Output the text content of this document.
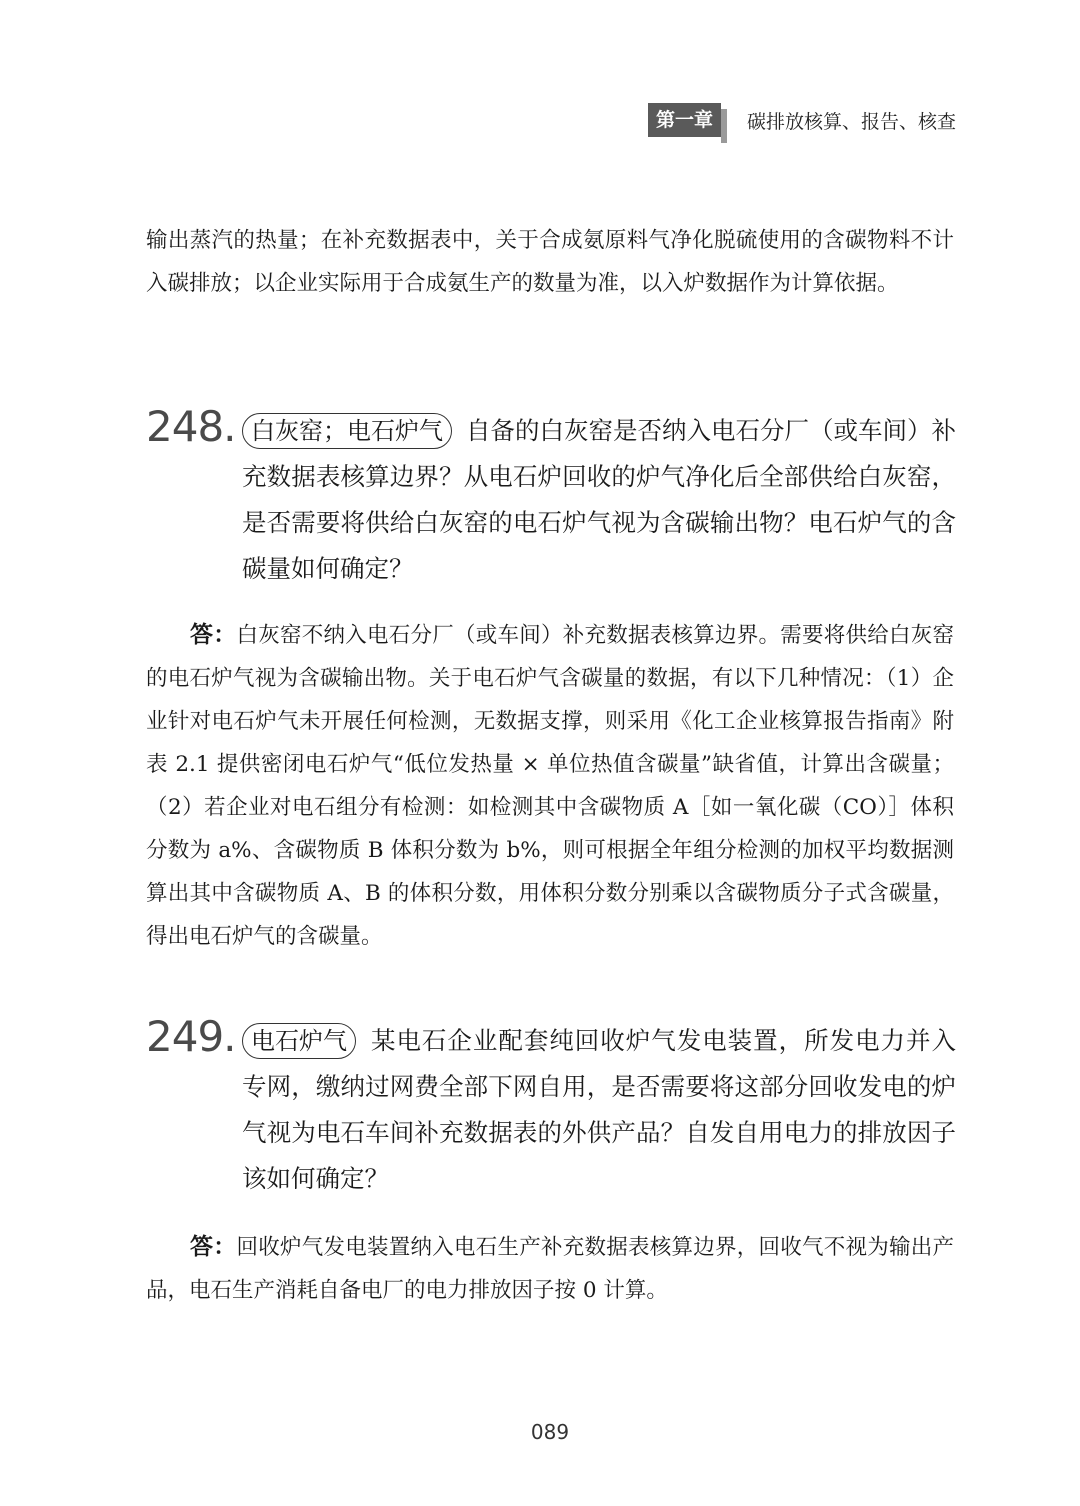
第一章	碳排放核算、报告、核查

输出蒸汽的热量；在补充数据表中，关于合成氨原料气净化脱硫使用的含碳物料不计入碳排放；以企业实际用于合成氨生产的数量为准，以入炉数据作为计算依据。

248. 白灰窑；电石炉气 自备的白灰窑是否纳入电石分厂（或车间）补充数据表核算边界？从电石炉回收的炉气净化后全部供给白灰窑，是否需要将供给白灰窑的电石炉气视为含碳输出物？电石炉气的含碳量如何确定？

答：白灰窑不纳入电石分厂（或车间）补充数据表核算边界。需要将供给白灰窑的电石炉气视为含碳输出物。关于电石炉气含碳量的数据，有以下几种情况：（1）企业针对电石炉气未开展任何检测，无数据支撑，则采用《化工企业核算报告指南》附表 2.1 提供密闭电石炉气“低位发热量 × 单位热值含碳量”缺省值，计算出含碳量；（2）若企业对电石组分有检测：如检测其中含碳物质 A［如一氧化碳（CO）］体积分数为 a%、含碳物质 B 体积分数为 b%，则可根据全年组分检测的加权平均数据测算出其中含碳物质 A、B 的体积分数，用体积分数分别乘以含碳物质分子式含碳量，得出电石炉气的含碳量。

249. 电石炉气 某电石企业配套纯回收炉气发电装置，所发电力并入专网，缴纳过网费全部下网自用，是否需要将这部分回收发电的炉气视为电石车间补充数据表的外供产品？自发自用电力的排放因子该如何确定？

答：回收炉气发电装置纳入电石生产补充数据表核算边界，回收气不视为输出产品，电石生产消耗自备电厂的电力排放因子按 0 计算。

089
